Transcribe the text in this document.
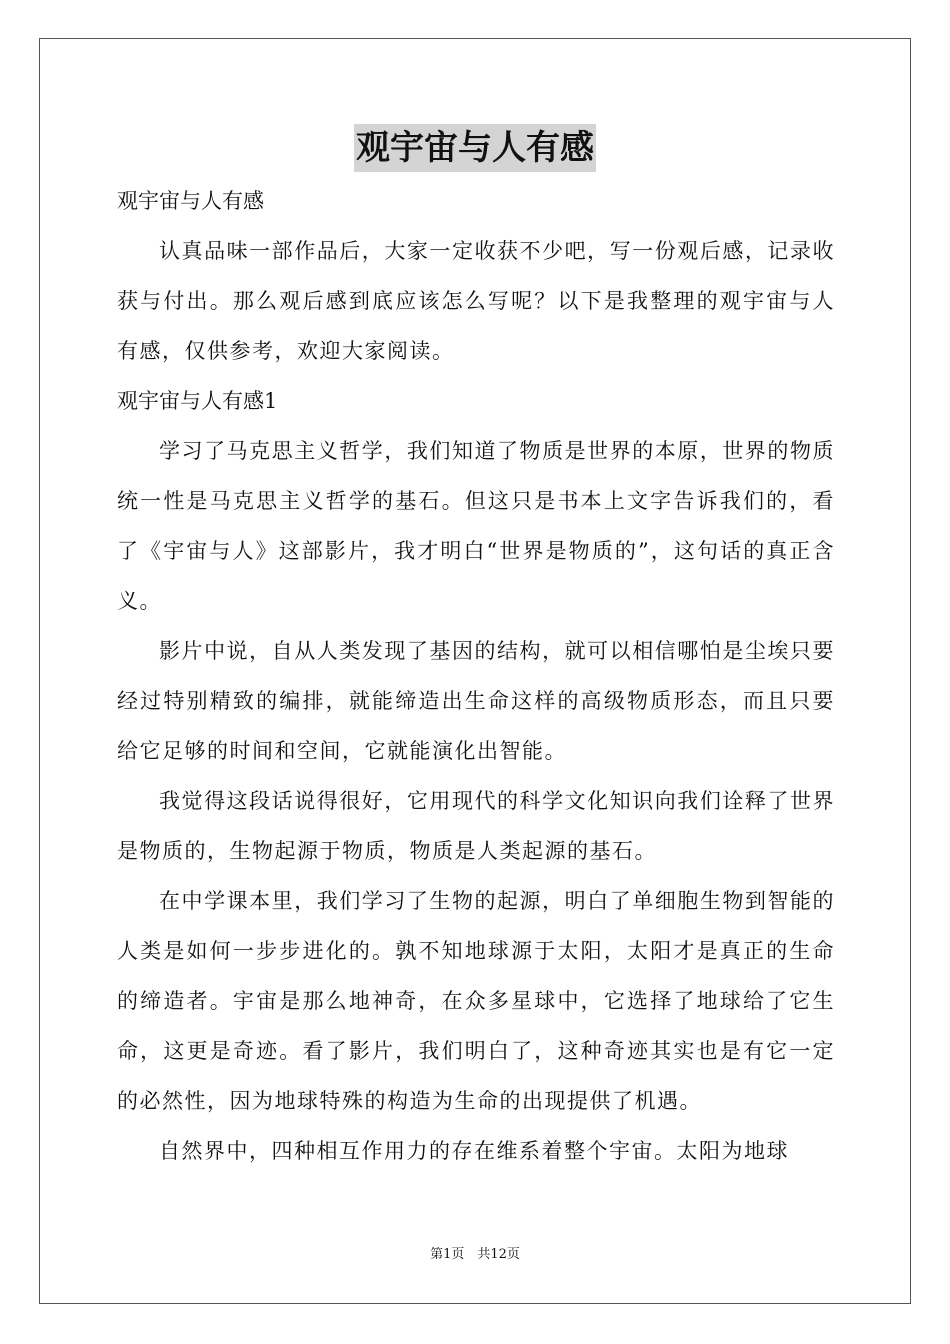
观宇宙与人有感

观宇宙与人有感

认真品味一部作品后，大家一定收获不少吧，写一份观后感，记录收获与付出。那么观后感到底应该怎么写呢？以下是我整理的观宇宙与人有感，仅供参考，欢迎大家阅读。

观宇宙与人有感1

学习了马克思主义哲学，我们知道了物质是世界的本原，世界的物质统一性是马克思主义哲学的基石。但这只是书本上文字告诉我们的，看了《宇宙与人》这部影片，我才明白“世界是物质的”，这句话的真正含义。

影片中说，自从人类发现了基因的结构，就可以相信哪怕是尘埃只要经过特别精致的编排，就能缔造出生命这样的高级物质形态，而且只要给它足够的时间和空间，它就能演化出智能。

我觉得这段话说得很好，它用现代的科学文化知识向我们诠释了世界是物质的，生物起源于物质，物质是人类起源的基石。

在中学课本里，我们学习了生物的起源，明白了单细胞生物到智能的人类是如何一步步进化的。孰不知地球源于太阳，太阳才是真正的生命的缔造者。宇宙是那么地神奇，在众多星球中，它选择了地球给了它生命，这更是奇迹。看了影片，我们明白了，这种奇迹其实也是有它一定的必然性，因为地球特殊的构造为生命的出现提供了机遇。

自然界中，四种相互作用力的存在维系着整个宇宙。太阳为地球

第1页　共12页
